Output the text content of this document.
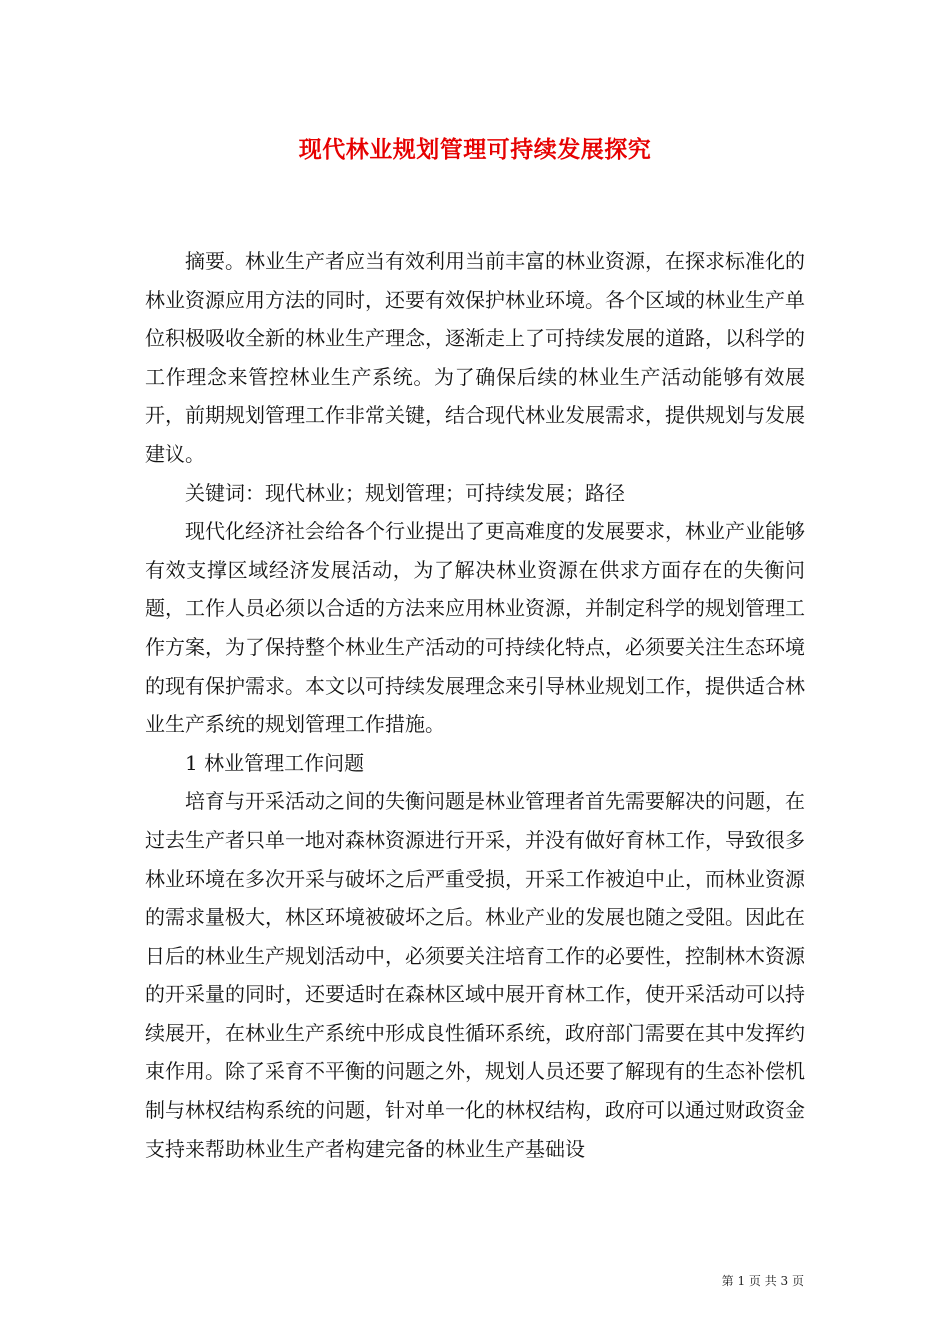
现代林业规划管理可持续发展探究

摘要。林业生产者应当有效利用当前丰富的林业资源，在探求标准化的林业资源应用方法的同时，还要有效保护林业环境。各个区域的林业生产单位积极吸收全新的林业生产理念，逐渐走上了可持续发展的道路，以科学的工作理念来管控林业生产系统。为了确保后续的林业生产活动能够有效展开，前期规划管理工作非常关键，结合现代林业发展需求，提供规划与发展建议。

关键词：现代林业；规划管理；可持续发展；路径

现代化经济社会给各个行业提出了更高难度的发展要求，林业产业能够有效支撑区域经济发展活动，为了解决林业资源在供求方面存在的失衡问题，工作人员必须以合适的方法来应用林业资源，并制定科学的规划管理工作方案，为了保持整个林业生产活动的可持续化特点，必须要关注生态环境的现有保护需求。本文以可持续发展理念来引导林业规划工作，提供适合林业生产系统的规划管理工作措施。

1 林业管理工作问题

培育与开采活动之间的失衡问题是林业管理者首先需要解决的问题，在过去生产者只单一地对森林资源进行开采，并没有做好育林工作，导致很多林业环境在多次开采与破坏之后严重受损，开采工作被迫中止，而林业资源的需求量极大，林区环境被破坏之后。林业产业的发展也随之受阻。因此在日后的林业生产规划活动中，必须要关注培育工作的必要性，控制林木资源的开采量的同时，还要适时在森林区域中展开育林工作，使开采活动可以持续展开，在林业生产系统中形成良性循环系统，政府部门需要在其中发挥约束作用。除了采育不平衡的问题之外，规划人员还要了解现有的生态补偿机制与林权结构系统的问题，针对单一化的林权结构，政府可以通过财政资金支持来帮助林业生产者构建完备的林业生产基础设

第 1 页 共 3 页
